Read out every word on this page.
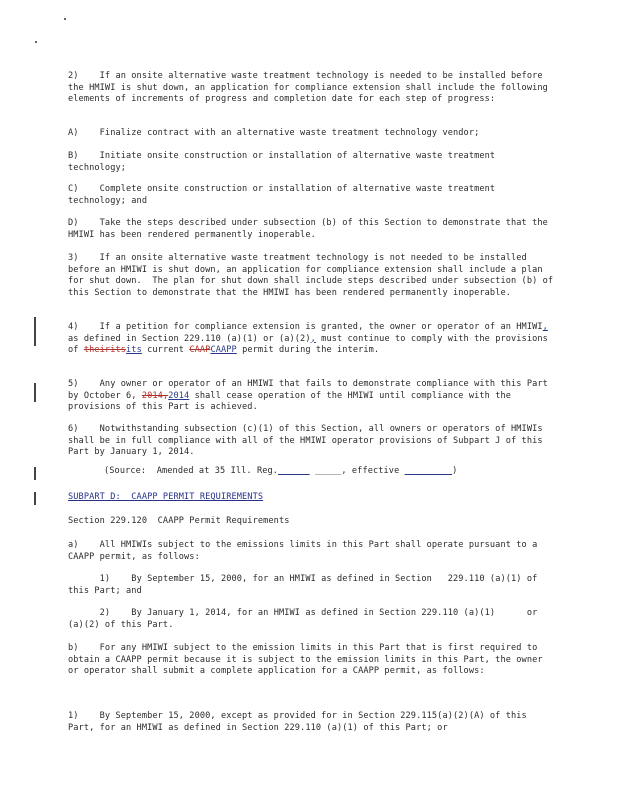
2)    If an onsite alternative waste treatment technology is needed to be installed before the HMIWI is shut down, an application for compliance extension shall include the following elements of increments of progress and completion date for each step of progress:

A)    Finalize contract with an alternative waste treatment technology vendor;

B)    Initiate onsite construction or installation of alternative waste treatment technology;

C)    Complete onsite construction or installation of alternative waste treatment technology; and

D)    Take the steps described under subsection (b) of this Section to demonstrate that the HMIWI has been rendered permanently inoperable.

3)    If an onsite alternative waste treatment technology is not needed to be installed before an HMIWI is shut down, an application for compliance extension shall include a plan for shut down.  The plan for shut down shall include steps described under subsection (b) of this Section to demonstrate that the HMIWI has been rendered permanently inoperable.

4)    If a petition for compliance extension is granted, the owner or operator of an HMIWI, as defined in Section 229.110 (a)(1) or (a)(2), must continue to comply with the provisions of theiritsits current CAAPCAAPP permit during the interim.

5)    Any owner or operator of an HMIWI that fails to demonstrate compliance with this Part by October 6, 2014,2014 shall cease operation of the HMIWI until compliance with the provisions of this Part is achieved.

6)    Notwithstanding subsection (c)(1) of this Section, all owners or operators of HMIWIs shall be in full compliance with all of the HMIWI operator provisions of Subpart J of this Part by January 1, 2014.

(Source:  Amended at 35 Ill. Reg.	_____, effective _________)

SUBPART D:  CAAPP PERMIT REQUIREMENTS

Section 229.120  CAAPP Permit Requirements

a)    All HMIWIs subject to the emissions limits in this Part shall operate pursuant to a CAAPP permit, as follows:

1)    By September 15, 2000, for an HMIWI as defined in Section   229.110 (a)(1) of this Part; and

2)    By January 1, 2014, for an HMIWI as defined in Section 229.110 (a)(1)      or (a)(2) of this Part.

b)    For any HMIWI subject to the emission limits in this Part that is first required to obtain a CAAPP permit because it is subject to the emission limits in this Part, the owner or operator shall submit a complete application for a CAAPP permit, as follows:

1)    By September 15, 2000, except as provided for in Section 229.115(a)(2)(A) of this Part, for an HMIWI as defined in Section 229.110 (a)(1) of this Part; or
